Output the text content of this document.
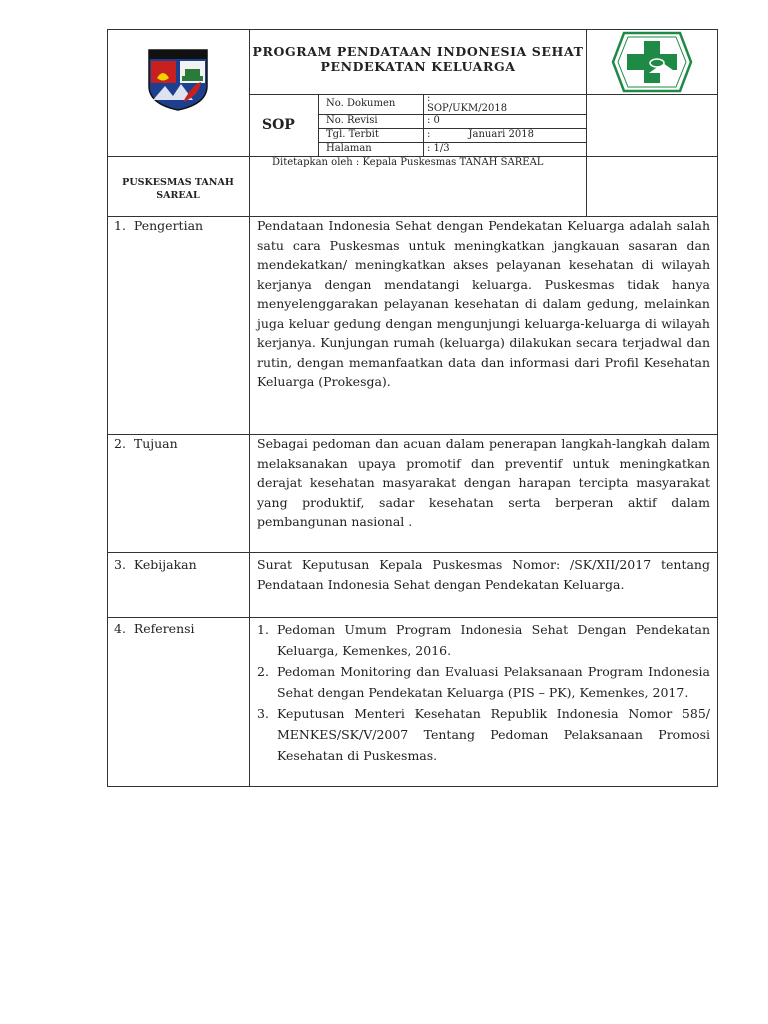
KOTA BOGOR	PROGRAM PENDATAAN INDONESIA SEHAT PENDEKATAN KELUARGA
SOP
No. Dokumen	:
SOP/UKM/2018
No. Revisi	: 0
Tgl. Terbit	:            Januari 2018
Halaman	: 1/3
PUSKESMAS TANAH SAREAL
Ditetapkan oleh : Kepala Puskesmas TANAH SAREAL
1.  Pengertian	Pendataan Indonesia Sehat dengan Pendekatan Keluarga adalah salah satu cara Puskesmas untuk meningkatkan jangkauan sasaran dan mendekatkan/ meningkatkan akses pelayanan kesehatan di wilayah kerjanya dengan mendatangi keluarga. Puskesmas tidak hanya menyelenggarakan pelayanan kesehatan di dalam gedung, melainkan juga keluar gedung dengan mengunjungi keluarga-keluarga di wilayah kerjanya. Kunjungan rumah (keluarga) dilakukan secara terjadwal dan rutin, dengan memanfaatkan data dan informasi dari Profil Kesehatan Keluarga (Prokesga).
2.  Tujuan	Sebagai pedoman dan acuan dalam penerapan langkah-langkah dalam melaksanakan upaya promotif dan preventif untuk meningkatkan derajat kesehatan masyarakat dengan harapan tercipta masyarakat yang produktif, sadar kesehatan serta berperan aktif dalam pembangunan nasional .
3.  Kebijakan	Surat Keputusan Kepala Puskesmas Nomor: /SK/XII/2017 tentang Pendataan Indonesia Sehat dengan Pendekatan Keluarga.
4.  Referensi	1. Pedoman Umum Program Indonesia Sehat Dengan Pendekatan Keluarga, Kemenkes, 2016.
2. Pedoman Monitoring dan Evaluasi Pelaksanaan Program Indonesia Sehat dengan Pendekatan Keluarga (PIS – PK), Kemenkes, 2017.
3. Keputusan Menteri Kesehatan Republik Indonesia Nomor 585/ MENKES/SK/V/2007 Tentang Pedoman Pelaksanaan Promosi Kesehatan di Puskesmas.
